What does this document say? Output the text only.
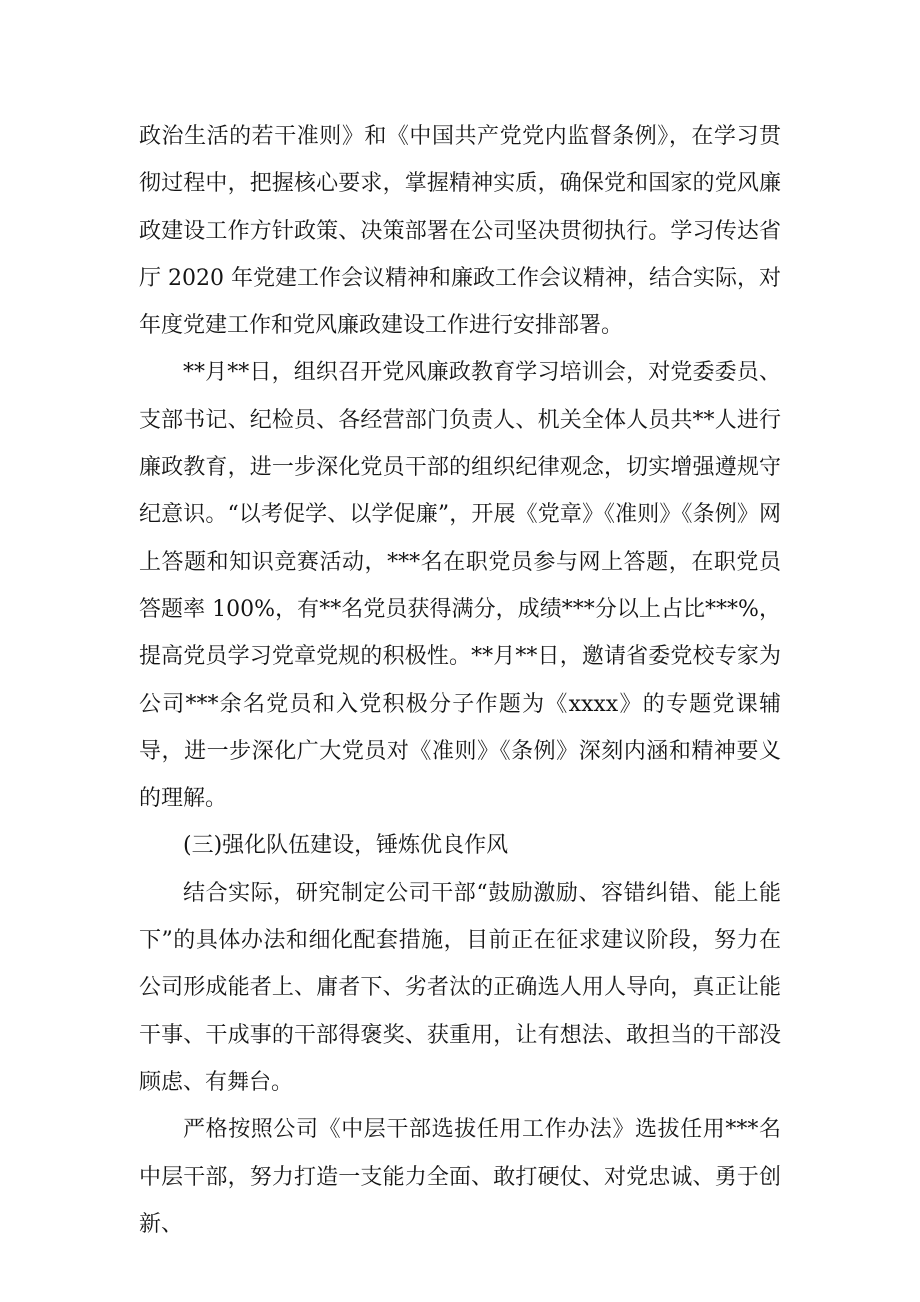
政治生活的若干准则》和《中国共产党党内监督条例》，在学习贯彻过程中，把握核心要求，掌握精神实质，确保党和国家的党风廉政建设工作方针政策、决策部署在公司坚决贯彻执行。学习传达省厅 2020 年党建工作会议精神和廉政工作会议精神，结合实际，对年度党建工作和党风廉政建设工作进行安排部署。

**月**日，组织召开党风廉政教育学习培训会，对党委委员、支部书记、纪检员、各经营部门负责人、机关全体人员共**人进行廉政教育，进一步深化党员干部的组织纪律观念，切实增强遵规守纪意识。“以考促学、以学促廉”，开展《党章》《准则》《条例》网上答题和知识竞赛活动，***名在职党员参与网上答题，在职党员答题率 100%，有**名党员获得满分，成绩***分以上占比***%，提高党员学习党章党规的积极性。**月**日，邀请省委党校专家为公司***余名党员和入党积极分子作题为《xxxx》的专题党课辅导，进一步深化广大党员对《准则》《条例》深刻内涵和精神要义的理解。

(三)强化队伍建设，锤炼优良作风

结合实际，研究制定公司干部“鼓励激励、容错纠错、能上能下”的具体办法和细化配套措施，目前正在征求建议阶段，努力在公司形成能者上、庸者下、劣者汰的正确选人用人导向，真正让能干事、干成事的干部得褒奖、获重用，让有想法、敢担当的干部没顾虑、有舞台。

严格按照公司《中层干部选拔任用工作办法》选拔任用***名中层干部，努力打造一支能力全面、敢打硬仗、对党忠诚、勇于创新、
